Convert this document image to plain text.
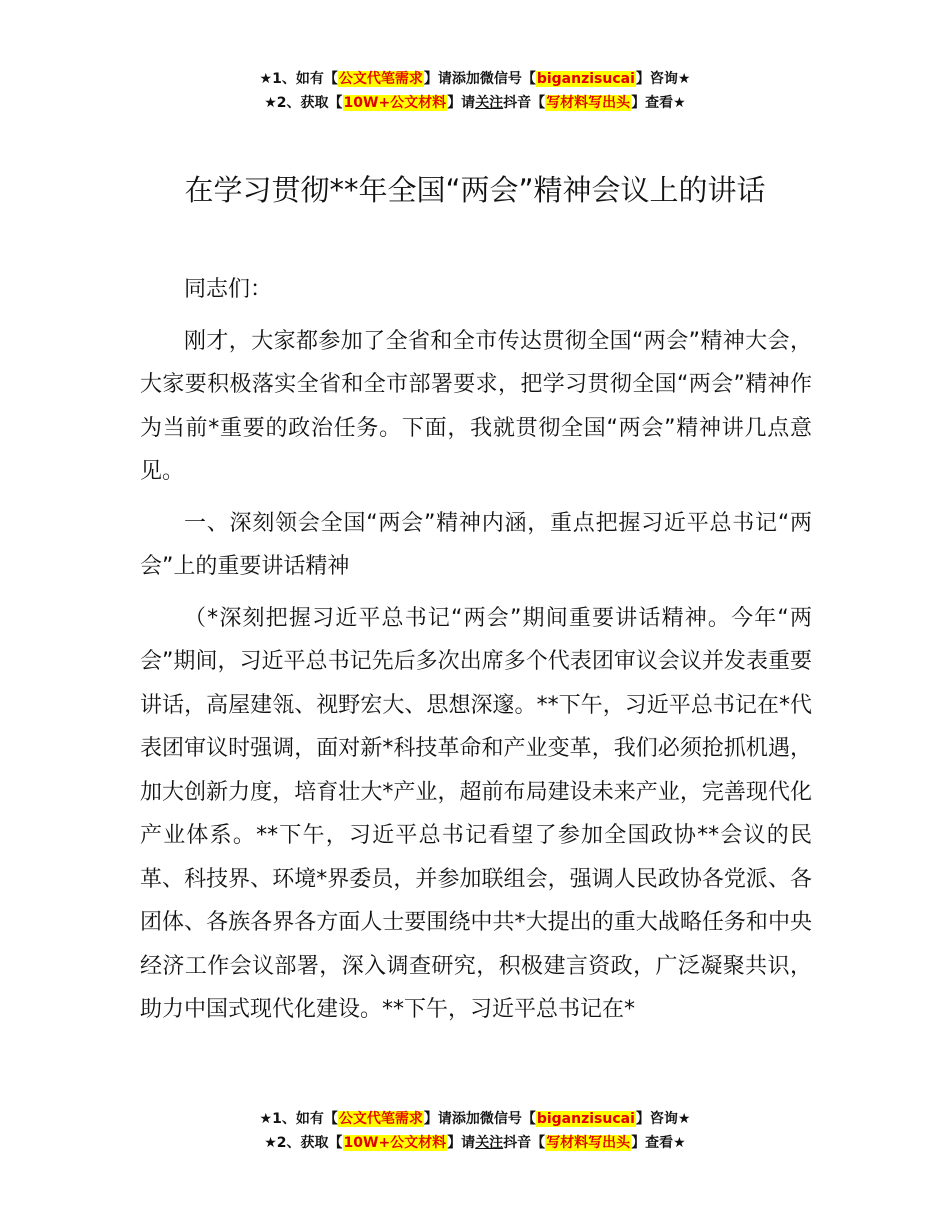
★1、如有【公文代笔需求】请添加微信号【biganzisucai】咨询★
★2、获取【10W+公文材料】请关注抖音【写材料写出头】查看★
在学习贯彻**年全国“两会”精神会议上的讲话

同志们：

刚才，大家都参加了全省和全市传达贯彻全国“两会”精神大会，大家要积极落实全省和全市部署要求，把学习贯彻全国“两会”精神作为当前*重要的政治任务。下面，我就贯彻全国“两会”精神讲几点意见。

一、深刻领会全国“两会”精神内涵，重点把握习近平总书记“两会”上的重要讲话精神

（*深刻把握习近平总书记“两会”期间重要讲话精神。今年“两会”期间，习近平总书记先后多次出席多个代表团审议会议并发表重要讲话，高屋建瓴、视野宏大、思想深邃。**下午，习近平总书记在*代表团审议时强调，面对新*科技革命和产业变革，我们必须抢抓机遇，加大创新力度，培育壮大*产业，超前布局建设未来产业，完善现代化产业体系。**下午，习近平总书记看望了参加全国政协**会议的民革、科技界、环境*界委员，并参加联组会，强调人民政协各党派、各团体、各族各界各方面人士要围绕中共*大提出的重大战略任务和中央经济工作会议部署，深入调查研究，积极建言资政，广泛凝聚共识，助力中国式现代化建设。**下午，习近平总书记在*

★1、如有【公文代笔需求】请添加微信号【biganzisucai】咨询★
★2、获取【10W+公文材料】请关注抖音【写材料写出头】查看★
